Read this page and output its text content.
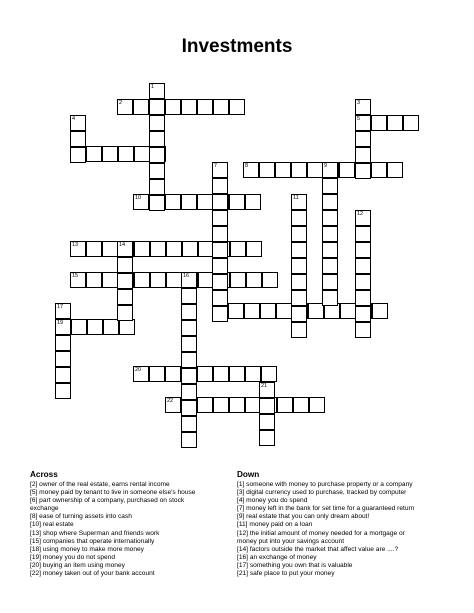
Investments
2
5
8
10
13
15
19
20
22
1
3
4
7	9
11
12
14
16
17
21
Across
[2] owner of the real estate, earns rental income
[5] money paid by tenant to live in someone else's house
[6] part ownership of a company, purchased on stock
exchange
[8] ease of turning assets into cash
[10] real estate
[13] shop where Superman and friends work
[15] companies that operate internationally
[18] using money to make more money
[19] money you do not spend
[20] buying an item using money
[22] money taken out of your bank account
Down
[1] someone with money to purchase property or a company
[3] digital currency used to purchase, tracked by computer
[4] money you do spend
[7] money left in the bank for set time for a guaranteed return
[9] real estate that you can only dream about!
[11] money paid on a loan
[12] the initial amount of money needed for a mortgage or
money put into your savings account
[14] factors outside the market that affect value are ....?
[16] an exchange of money
[17] something you own that is valuable
[21] safe place to put your money
